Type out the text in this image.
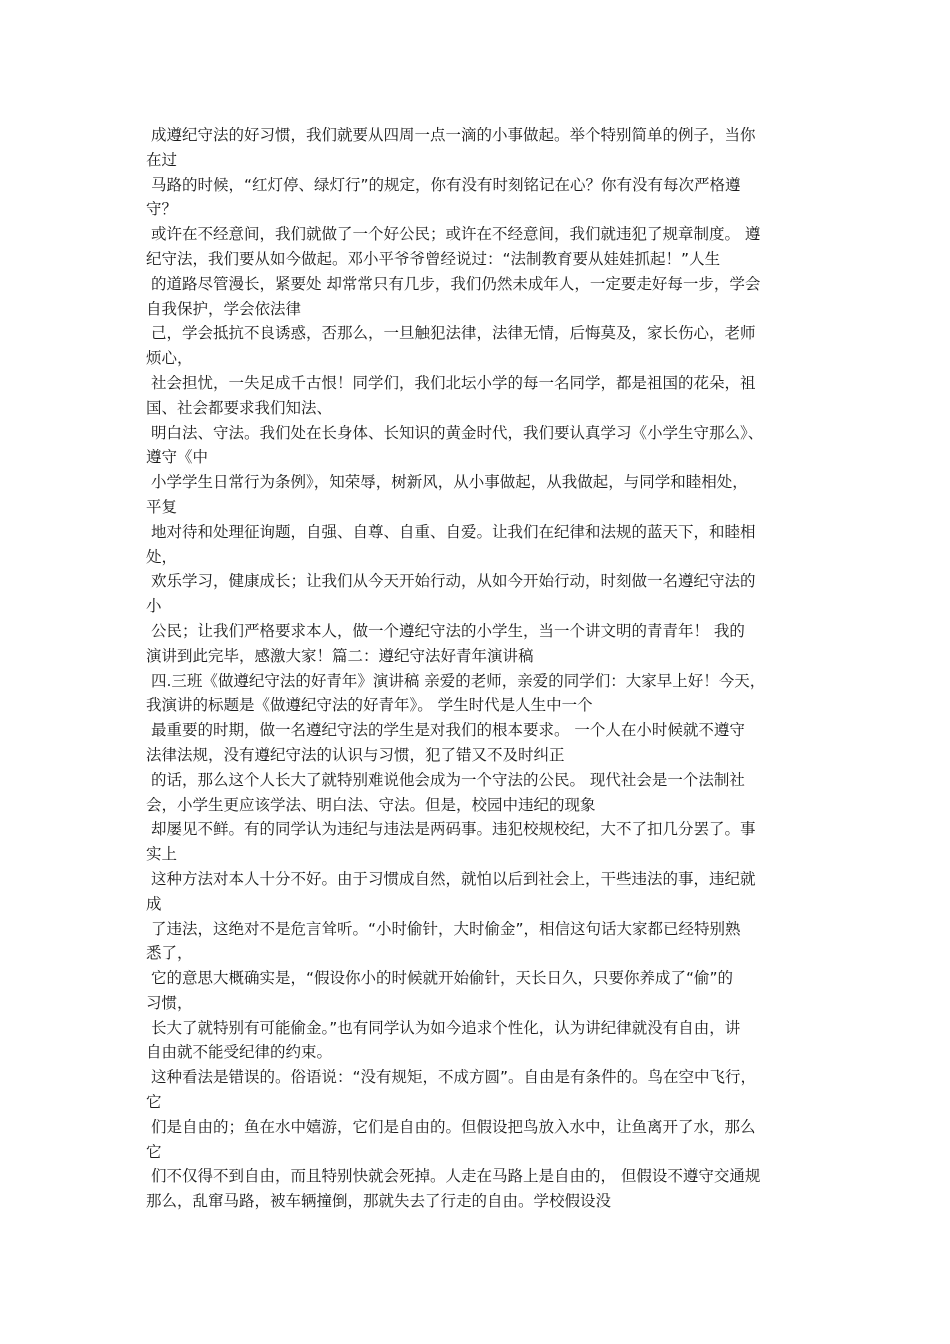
成遵纪守法的好习惯，我们就要从四周一点一滴的小事做起。举个特别简单的例子，当你
在过
马路的时候，“红灯停、绿灯行”的规定，你有没有时刻铭记在心？你有没有每次严格遵
守？
或许在不经意间，我们就做了一个好公民；或许在不经意间，我们就违犯了规章制度。 遵
纪守法，我们要从如今做起。邓小平爷爷曾经说过：“法制教育要从娃娃抓起！”人生
的道路尽管漫长，紧要处 却常常只有几步，我们仍然未成年人，一定要走好每一步，学会
自我保护，学会依法律
己，学会抵抗不良诱惑，否那么，一旦触犯法律，法律无情，后悔莫及，家长伤心，老师
烦心，
社会担忧，一失足成千古恨！同学们，我们北坛小学的每一名同学，都是祖国的花朵，祖
国、社会都要求我们知法、
明白法、守法。我们处在长身体、长知识的黄金时代，我们要认真学习《小学生守那么》、
遵守《中
小学学生日常行为条例》，知荣辱，树新风，从小事做起，从我做起，与同学和睦相处，
平复
地对待和处理征询题，自强、自尊、自重、自爱。让我们在纪律和法规的蓝天下，和睦相
处，
欢乐学习，健康成长；让我们从今天开始行动，从如今开始行动，时刻做一名遵纪守法的
小
公民；让我们严格要求本人，做一个遵纪守法的小学生，当一个讲文明的青青年！ 我的
演讲到此完毕，感激大家！篇二：遵纪守法好青年演讲稿
四.三班《做遵纪守法的好青年》演讲稿 亲爱的老师，亲爱的同学们：大家早上好！今天，
我演讲的标题是《做遵纪守法的好青年》。 学生时代是人生中一个
最重要的时期，做一名遵纪守法的学生是对我们的根本要求。 一个人在小时候就不遵守
法律法规，没有遵纪守法的认识与习惯，犯了错又不及时纠正
的话，那么这个人长大了就特别难说他会成为一个守法的公民。 现代社会是一个法制社
会，小学生更应该学法、明白法、守法。但是，校园中违纪的现象
却屡见不鲜。有的同学认为违纪与违法是两码事。违犯校规校纪，大不了扣几分罢了。事
实上
这种方法对本人十分不好。由于习惯成自然，就怕以后到社会上，干些违法的事，违纪就
成
了违法，这绝对不是危言耸听。“小时偷针，大时偷金”，相信这句话大家都已经特别熟
悉了，
它的意思大概确实是，“假设你小的时候就开始偷针，天长日久，只要你养成了“偷”的
习惯，
长大了就特别有可能偷金。”也有同学认为如今追求个性化，认为讲纪律就没有自由，讲
自由就不能受纪律的约束。
这种看法是错误的。俗语说：“没有规矩，不成方圆”。自由是有条件的。鸟在空中飞行，
它
们是自由的；鱼在水中嬉游，它们是自由的。但假设把鸟放入水中，让鱼离开了水，那么
它
们不仅得不到自由，而且特别快就会死掉。人走在马路上是自由的， 但假设不遵守交通规
那么，乱窜马路，被车辆撞倒，那就失去了行走的自由。学校假设没
